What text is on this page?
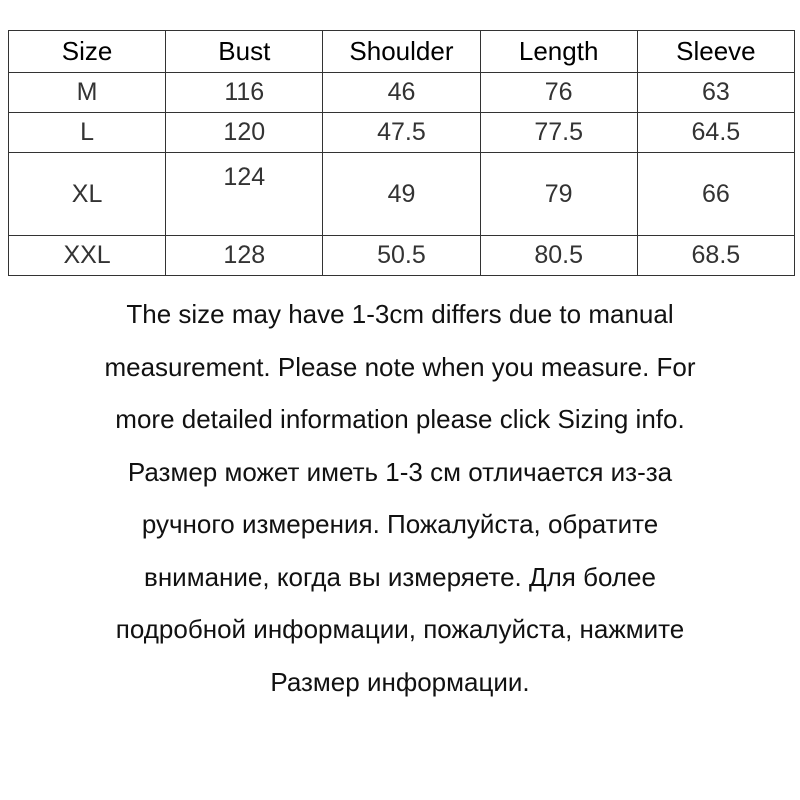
Size	Bust	Shoulder	Length	Sleeve
M	116	46	76	63
L	120	47.5	77.5	64.5
XL	124	49	79	66
XXL	128	50.5	80.5	68.5
The size may have 1-3cm differs due to manual
measurement. Please note when you measure. For
more detailed information please click Sizing info.
Размер может иметь 1-3 см отличается из-за
ручного измерения. Пожалуйста, обратите
внимание, когда вы измеряете. Для более
подробной информации, пожалуйста, нажмите
Размер информации.
